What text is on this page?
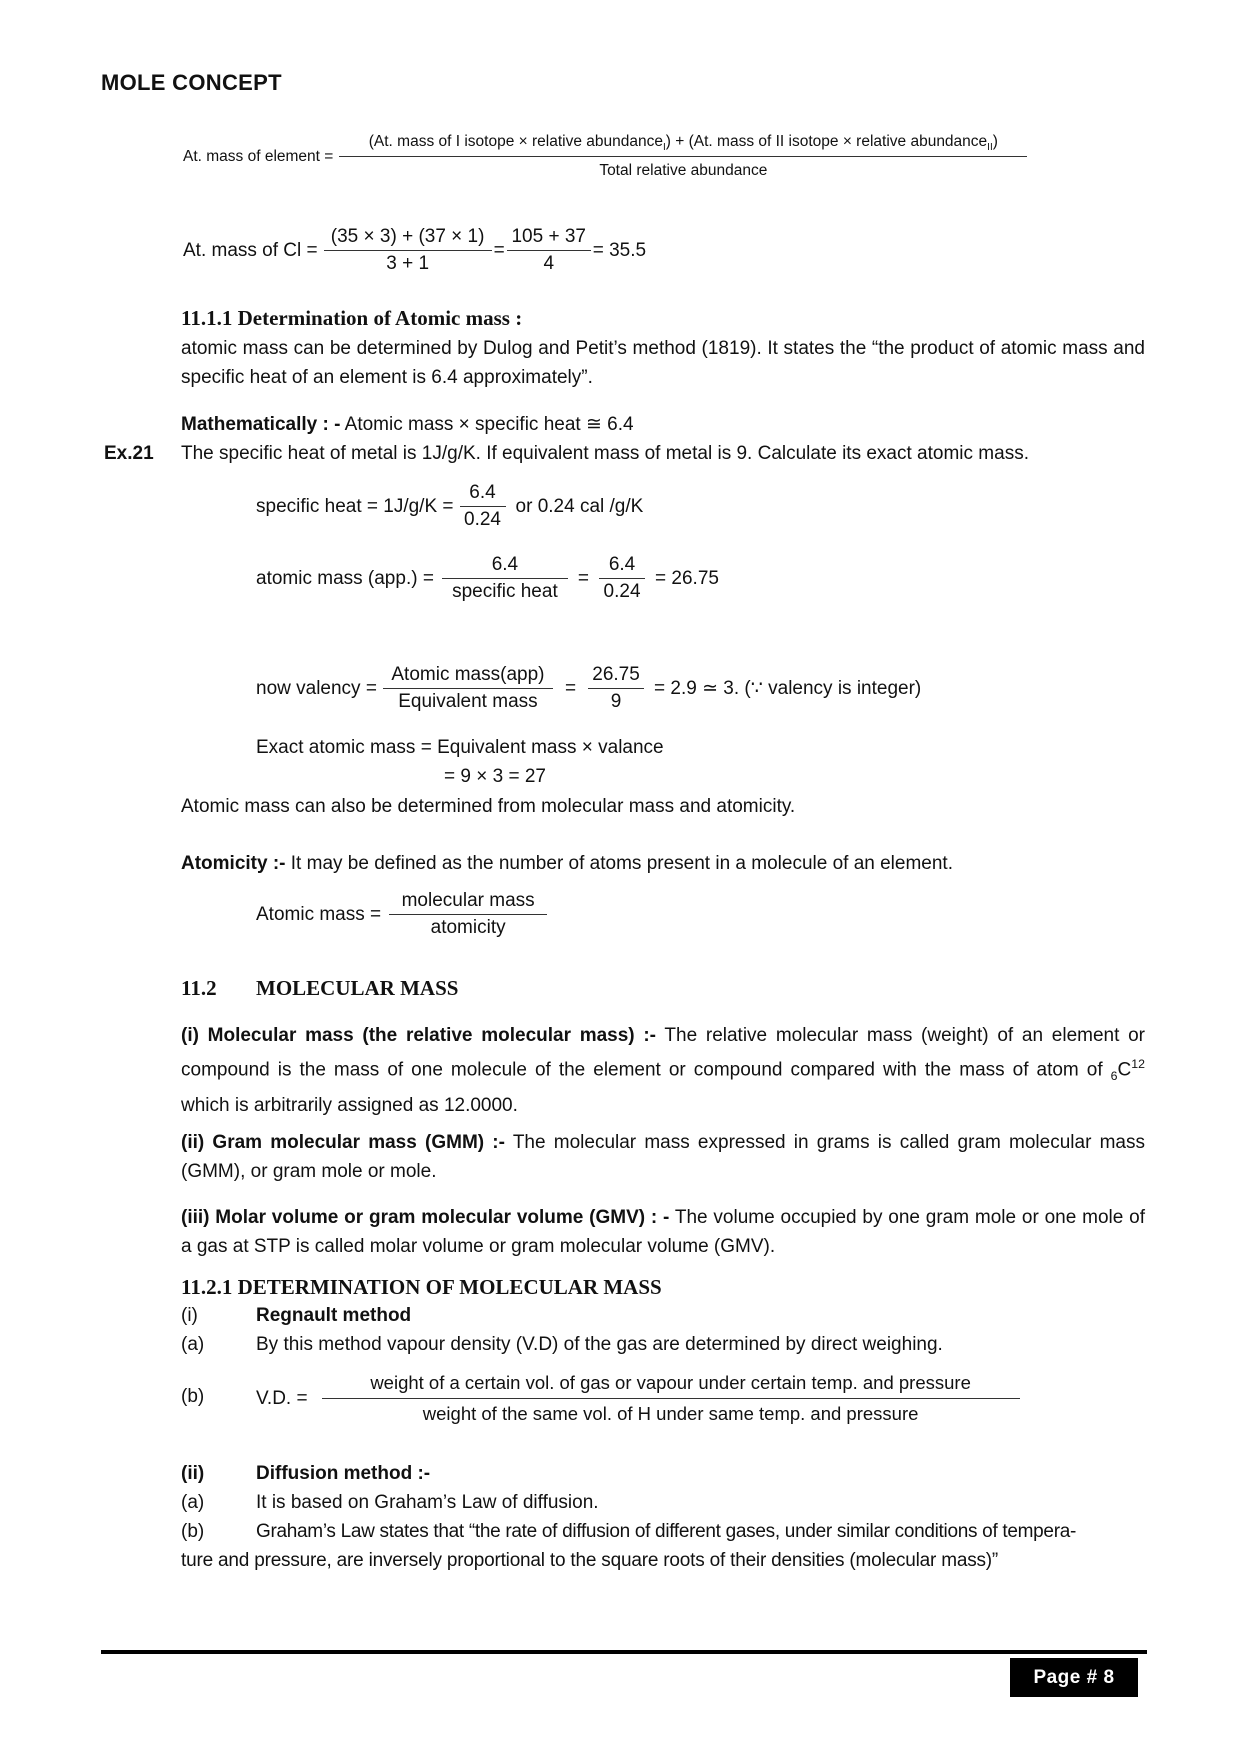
MOLE CONCEPT
At. mass of element =
(At. mass of I isotope × relative abundance$_I$) + (At. mass of II isotope × relative abundance$_{II}$)
Total relative abundance
At. mass of $Cl = \frac{(35 \times 3) + (37 \times 1)}{3 + 1} = \frac{105 + 37}{4} = 35.5$
11.1.1 Determination of Atomic mass :
atomic mass can be determined by Dulog and Petit’s method (1819). It states the “the product of atomic mass and specific heat of an element is 6.4 approximately”.
Mathematically : - Atomic mass × specific heat ≅ 6.4
Ex.21 The specific heat of metal is 1J/g/K. If equivalent mass of metal is 9. Calculate its exact atomic mass.
specific heat = $1J/g/K = \frac{6.4}{0.24}$ or 0.24 cal /g/K
atomic mass $(app.) = \frac{6.4}{\text{specific heat}} = \frac{6.4}{0.24} = 26.75$
now valency = $\frac{\text{Atomic mass(app)}}{\text{Equivalent mass}} = \frac{26.75}{9} = 2.9$ ≃ 3. (∵ valency is integer)
Exact atomic mass = Equivalent mass × valance
= 9 × 3 = 27
Atomic mass can also be determined from molecular mass and atomicity.
Atomicity :- It may be defined as the number of atoms present in a molecule of an element.
Atomic mass = $\frac{\text{molecular mass}}{\text{atomicity}}$
11.2 MOLECULAR MASS
(i) Molecular mass (the relative molecular mass) :- The relative molecular mass (weight) of an element or compound is the mass of one molecule of the element or compound compared with the mass of atom of $_6C^{12}$ which is arbitrarily assigned as 12.0000.
(ii) Gram molecular mass (GMM) :- The molecular mass expressed in grams is called gram molecular mass (GMM), or gram mole or mole.
(iii) Molar volume or gram molecular volume (GMV) : - The volume occupied by one gram mole or one mole of a gas at STP is called molar volume or gram molecular volume (GMV).
11.2.1 DETERMINATION OF MOLECULAR MASS
(i)	Regnault method
(a)	By this method vapour density (V.D) of the gas are determined by direct weighing.
(b)	V.D. =
weight of a certain vol. of gas or vapour under certain temp. and pressure
weight of the same vol. of H under same temp. and pressure
(ii)	Diffusion method :-
(a)	It is based on Graham’s Law of diffusion.
(b)	Graham’s Law states that “the rate of diffusion of different gases, under similar conditions of tempera-
ture and pressure, are inversely proportional to the square roots of their densities (molecular mass)”
Page # 8
